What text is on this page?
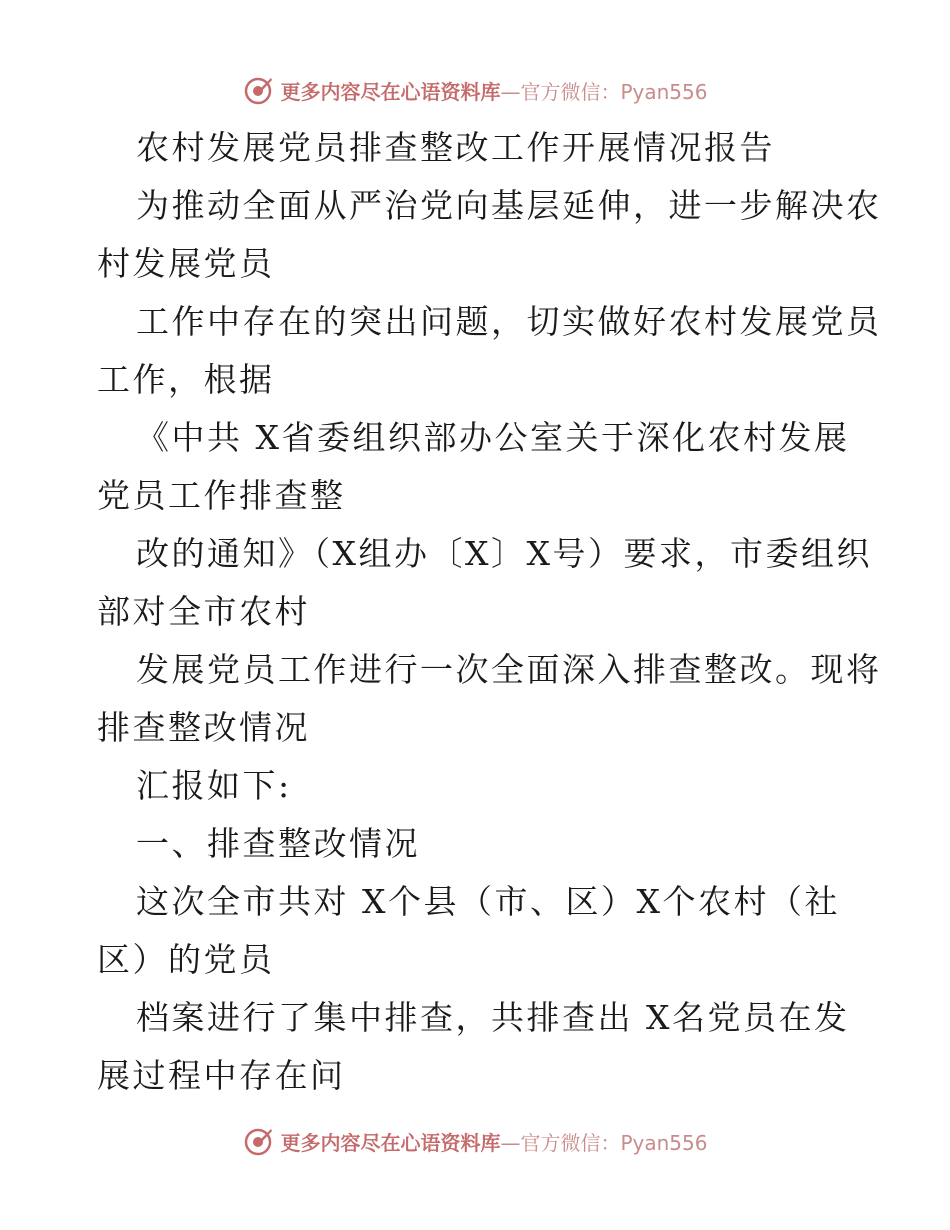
更多内容尽在心语资料库—官方微信：Pyan556
农村发展党员排查整改工作开展情况报告
为推动全面从严治党向基层延伸，进一步解决农
村发展党员
工作中存在的突出问题，切实做好农村发展党员
工作，根据
《中共 X省委组织部办公室关于深化农村发展
党员工作排查整
改的通知》（X组办〔X〕X号）要求，市委组织
部对全市农村
发展党员工作进行一次全面深入排查整改。现将
排查整改情况
汇报如下:
一、排查整改情况
这次全市共对 X个县（市、区）X个农村（社
区）的党员
档案进行了集中排查，共排查出 X名党员在发
展过程中存在问
更多内容尽在心语资料库—官方微信：Pyan556
